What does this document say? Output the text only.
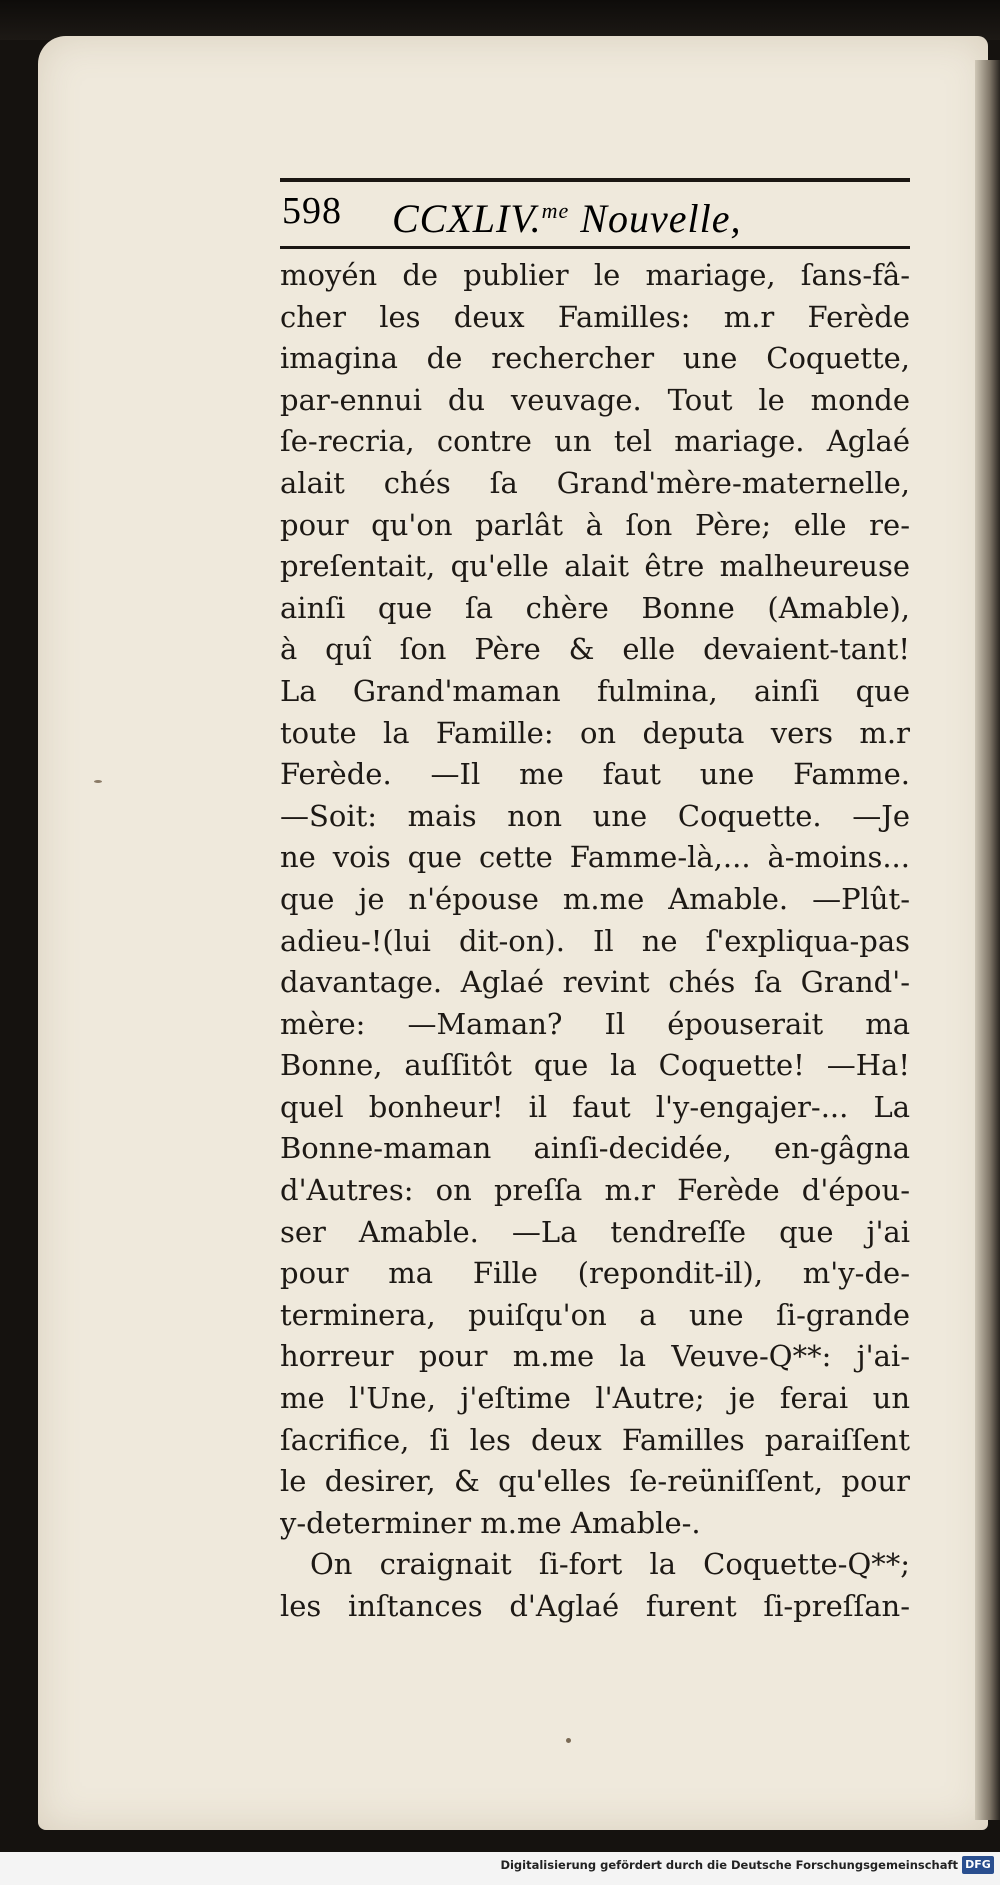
598 CCXLIV.$^{me}$ Nouvelle,
moyén de publier le mariage, ſans-fâ-
cher les deux Familles: m.r Ferède
imagina de rechercher une Coquette,
par-ennui du veuvage. Tout le monde
ſe-recria, contre un tel mariage. Aglaé
alait chés ſa Grand'mère-maternelle,
pour qu'on parlât à ſon Père; elle re-
preſentait, qu'elle alait être malheureuse
ainſi que ſa chère Bonne (Amable),
à quî ſon Père & elle devaient-tant!
La Grand'maman fulmina, ainſi que
toute la Famille: on deputa vers m.r
Ferède. —Il me faut une Famme.
—Soit: mais non une Coquette. —Je
ne vois que cette Famme-là,... à-moins...
que je n'épouse m.me Amable. —Plût-
adieu-!(lui dit-on). Il ne ſ'expliqua-pas
davantage. Aglaé revint chés ſa Grand'-
mère: —Maman? Il épouserait ma
Bonne, auſſitôt que la Coquette! —Ha!
quel bonheur! il faut l'y-engajer-... La
Bonne-maman ainſi-decidée, en-gâgna
d'Autres: on preſſa m.r Ferède d'épou-
ser Amable. —La tendreſſe que j'ai
pour ma Fille (repondit-il), m'y-de-
terminera, puiſqu'on a une ſi-grande
horreur pour m.me la Veuve-Q**: j'ai-
me l'Une, j'eſtime l'Autre; je ferai un
ſacrifice, ſi les deux Familles paraiſſent
le desirer, & qu'elles ſe-reüniſſent, pour
y-determiner m.me Amable-.
On craignait ſi-fort la Coquette-Q**;
les inſtances d'Aglaé furent ſi-preſſan-
Digitalisierung gefördert durch die Deutsche Forschungsgemeinschaft DFG
